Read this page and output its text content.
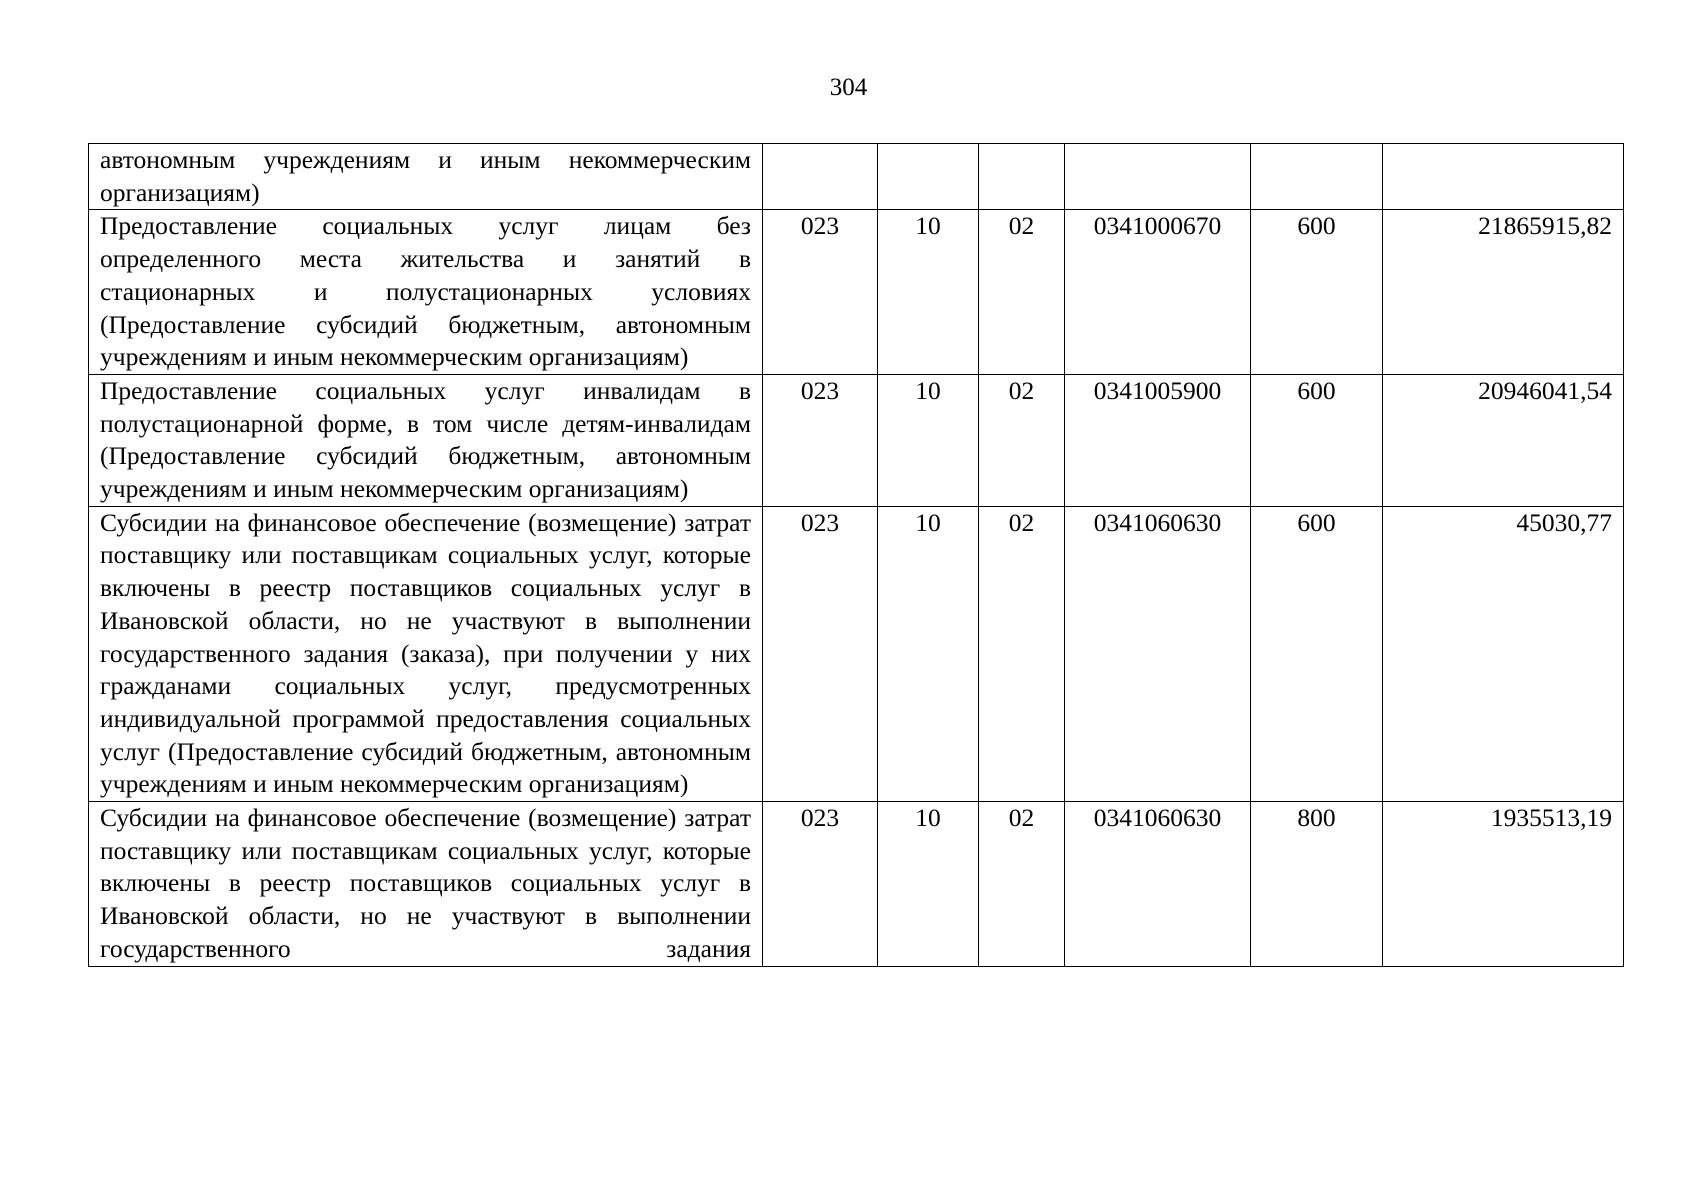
304
автономным учреждениям и иным некоммерческим организациям)						
Предоставление социальных услуг лицам без определенного места жительства и занятий в стационарных и полустационарных условиях (Предоставление субсидий бюджетным, автономным учреждениям и иным некоммерческим организациям)	023	10	02	0341000670	600	21865915,82
Предоставление социальных услуг инвалидам в полустационарной форме, в том числе детям-инвалидам (Предоставление субсидий бюджетным, автономным учреждениям и иным некоммерческим организациям)	023	10	02	0341005900	600	20946041,54
Субсидии на финансовое обеспечение (возмещение) затрат поставщику или поставщикам социальных услуг, которые включены в реестр поставщиков социальных услуг в Ивановской области, но не участвуют в выполнении государственного задания (заказа), при получении у них гражданами социальных услуг, предусмотренных индивидуальной программой предоставления социальных услуг (Предоставление субсидий бюджетным, автономным учреждениям и иным некоммерческим организациям)	023	10	02	0341060630	600	45030,77
Субсидии на финансовое обеспечение (возмещение) затрат поставщику или поставщикам социальных услуг, которые включены в реестр поставщиков социальных услуг в Ивановской области, но не участвуют в выполнении государственного задания	023	10	02	0341060630	800	1935513,19
